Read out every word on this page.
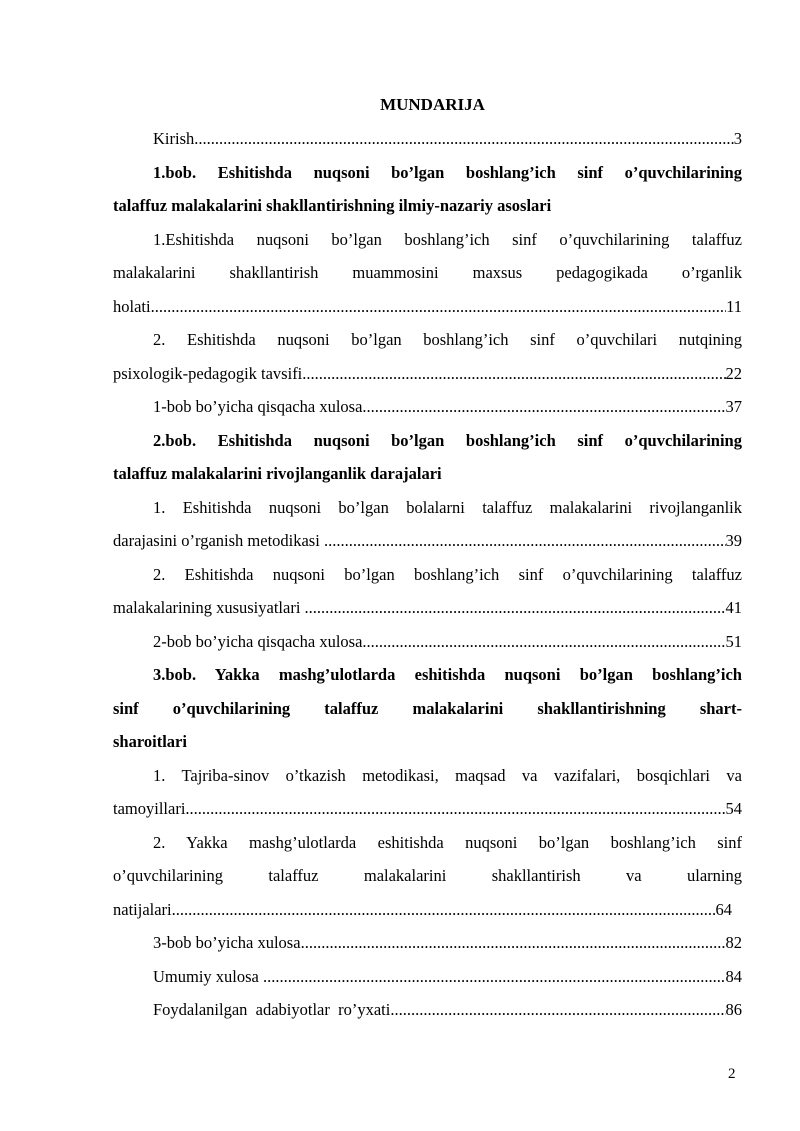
MUNDARIJA

Kirish .....	3

1.bob. Eshitishda nuqsoni bo’lgan boshlang’ich sinf o’quvchilarining

talaffuz malakalarini shakllantirishning ilmiy-nazariy asoslari

1.Eshitishda nuqsoni bo’lgan boshlang’ich sinf o’quvchilarining talaffuz

malakalarini shakllantirish muammosini maxsus pedagogikada o’rganlik

holati .....	11

2. Eshitishda nuqsoni bo’lgan boshlang’ich sinf o’quvchilari nutqining

psixologik-pedagogik tavsifi .....	22
1-bob bo’yicha qisqacha xulosa .....	37

2.bob. Eshitishda nuqsoni bo’lgan boshlang’ich sinf o’quvchilarining

talaffuz malakalarini rivojlanganlik darajalari

1. Eshitishda nuqsoni bo’lgan bolalarni talaffuz malakalarini rivojlanganlik

darajasini o’rganish metodikasi .....	39

2. Eshitishda nuqsoni bo’lgan boshlang’ich sinf o’quvchilarining talaffuz

malakalarining xususiyatlari .....	41
2-bob bo’yicha qisqacha xulosa .....	51

3.bob. Yakka mashg’ulotlarda eshitishda nuqsoni bo’lgan boshlang’ich

sinf o’quvchilarining talaffuz malakalarini shakllantirishning shart-

sharoitlari

1. Tajriba-sinov o’tkazish metodikasi, maqsad va vazifalari, bosqichlari va

tamoyillari .....	54

2. Yakka mashg’ulotlarda eshitishda nuqsoni bo’lgan boshlang’ich sinf

o’quvchilarining talaffuz malakalarini shakllantirish va ularning

natijalari .....	64
3-bob bo’yicha xulosa .....	82
Umumiy xulosa .....	84
Foydalanilgan  adabiyotlar  ro’yxati .....	86
2
